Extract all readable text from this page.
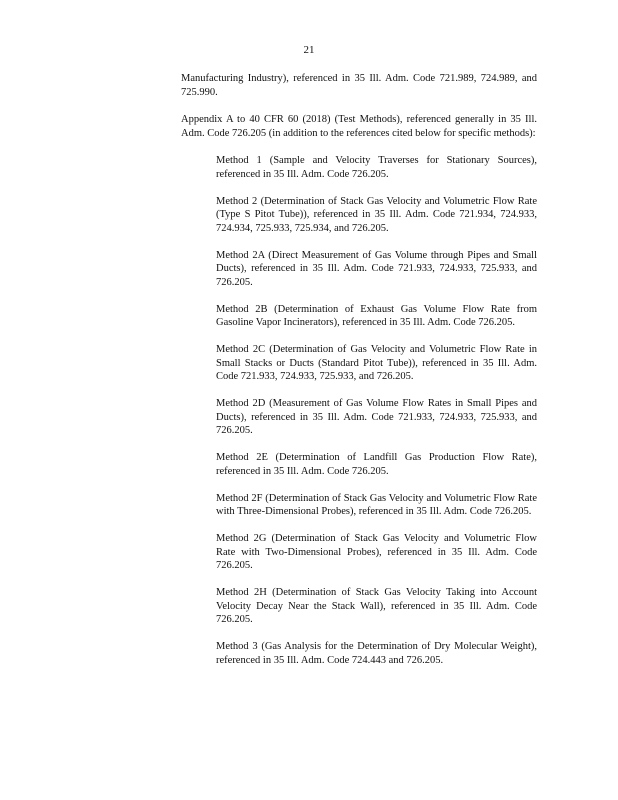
21

Manufacturing Industry), referenced in 35 Ill. Adm. Code 721.989, 724.989, and 725.990.

Appendix A to 40 CFR 60 (2018) (Test Methods), referenced generally in 35 Ill. Adm. Code 726.205 (in addition to the references cited below for specific methods):

Method 1 (Sample and Velocity Traverses for Stationary Sources), referenced in 35 Ill. Adm. Code 726.205.
Method 2 (Determination of Stack Gas Velocity and Volumetric Flow Rate (Type S Pitot Tube)), referenced in 35 Ill. Adm. Code 721.934, 724.933, 724.934, 725.933, 725.934, and 726.205.
Method 2A (Direct Measurement of Gas Volume through Pipes and Small Ducts), referenced in 35 Ill. Adm. Code 721.933, 724.933, 725.933, and 726.205.
Method 2B (Determination of Exhaust Gas Volume Flow Rate from Gasoline Vapor Incinerators), referenced in 35 Ill. Adm. Code 726.205.
Method 2C (Determination of Gas Velocity and Volumetric Flow Rate in Small Stacks or Ducts (Standard Pitot Tube)), referenced in 35 Ill. Adm. Code 721.933, 724.933, 725.933, and 726.205.
Method 2D (Measurement of Gas Volume Flow Rates in Small Pipes and Ducts), referenced in 35 Ill. Adm. Code 721.933, 724.933, 725.933, and 726.205.
Method 2E (Determination of Landfill Gas Production Flow Rate), referenced in 35 Ill. Adm. Code 726.205.
Method 2F (Determination of Stack Gas Velocity and Volumetric Flow Rate with Three-Dimensional Probes), referenced in 35 Ill. Adm. Code 726.205.
Method 2G (Determination of Stack Gas Velocity and Volumetric Flow Rate with Two-Dimensional Probes), referenced in 35 Ill. Adm. Code 726.205.
Method 2H (Determination of Stack Gas Velocity Taking into Account Velocity Decay Near the Stack Wall), referenced in 35 Ill. Adm. Code 726.205.
Method 3 (Gas Analysis for the Determination of Dry Molecular Weight), referenced in 35 Ill. Adm. Code 724.443 and 726.205.
